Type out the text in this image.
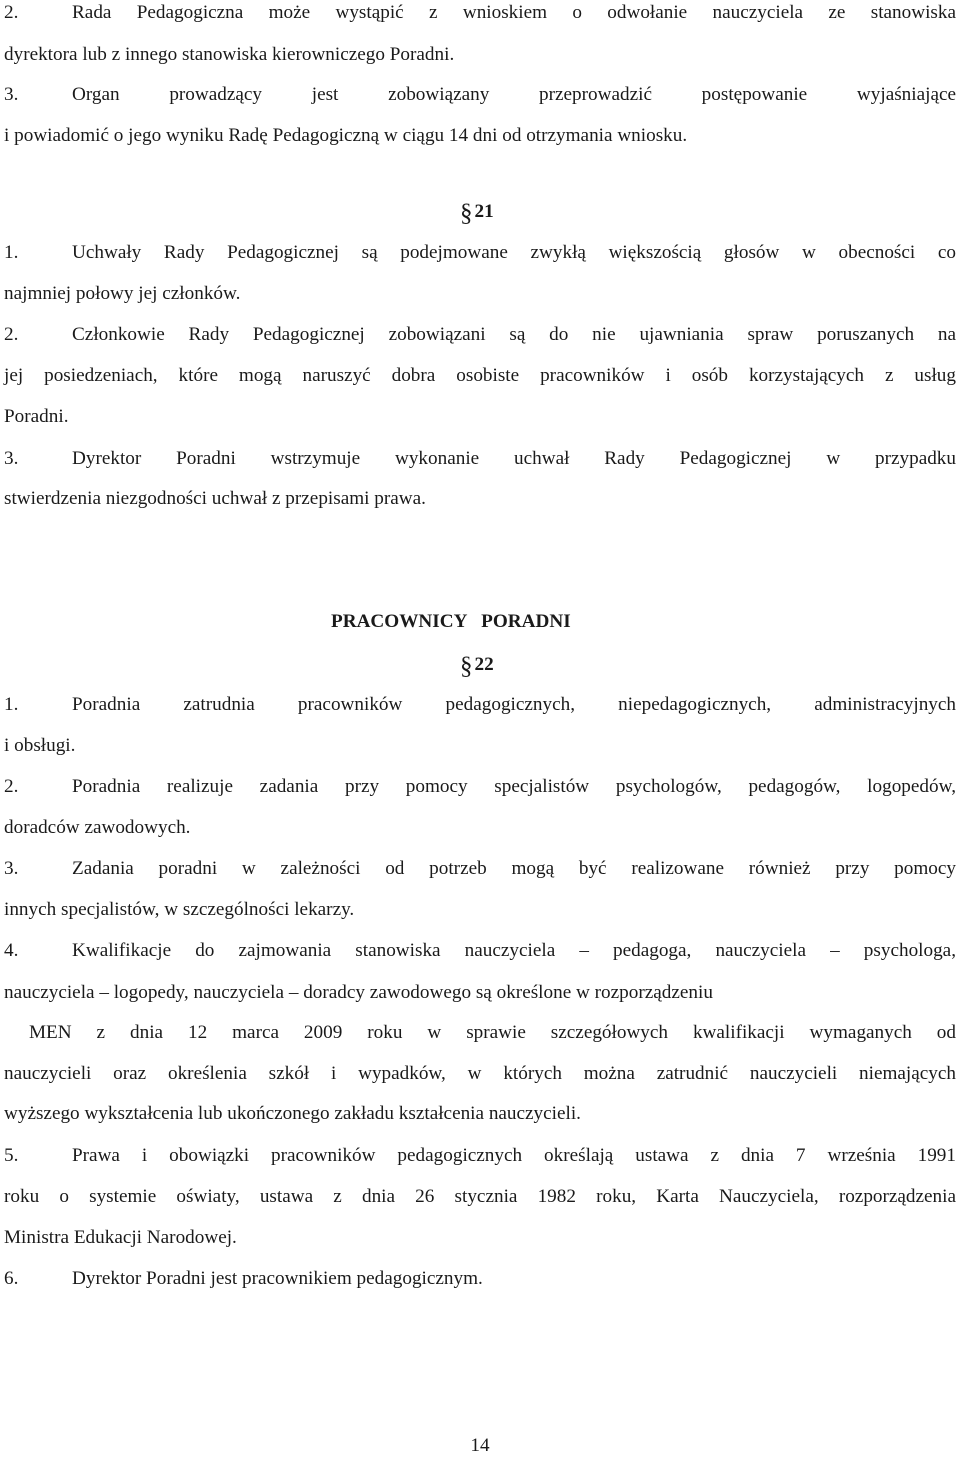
2.	Rada Pedagogiczna może wystąpić z wnioskiem o odwołanie nauczyciela ze stanowiska
dyrektora lub z innego stanowiska kierowniczego Poradni.
3.	Organ prowadzący jest zobowiązany przeprowadzić postępowanie wyjaśniające
i powiadomić o jego wyniku Radę Pedagogiczną w ciągu 14 dni od otrzymania wniosku.
§ 21
1.	Uchwały Rady Pedagogicznej są podejmowane zwykłą większością głosów w obecności co
najmniej połowy jej członków.
2.	Członkowie Rady Pedagogicznej zobowiązani są do nie ujawniania spraw poruszanych na
jej posiedzeniach, które mogą naruszyć dobra osobiste pracowników i osób korzystających z usług
Poradni.
3.	Dyrektor Poradni wstrzymuje wykonanie uchwał Rady Pedagogicznej w przypadku
stwierdzenia niezgodności uchwał z przepisami prawa.
PRACOWNICY   PORADNI
§ 22
1.	Poradnia zatrudnia pracowników pedagogicznych, niepedagogicznych, administracyjnych
i obsługi.
2.	Poradnia realizuje zadania przy pomocy specjalistów psychologów, pedagogów, logopedów,
doradców zawodowych.
3.	Zadania poradni w zależności od potrzeb mogą być realizowane również przy pomocy
innych specjalistów, w szczególności lekarzy.
4.	Kwalifikacje do zajmowania stanowiska nauczyciela – pedagoga, nauczyciela – psychologa,
nauczyciela – logopedy, nauczyciela – doradcy zawodowego są określone w rozporządzeniu
MEN z dnia 12 marca 2009 roku w sprawie szczegółowych kwalifikacji wymaganych od
nauczycieli oraz określenia szkół i wypadków, w których można zatrudnić nauczycieli niemających
wyższego wykształcenia lub ukończonego zakładu kształcenia nauczycieli.
5.	Prawa i obowiązki pracowników pedagogicznych określają ustawa z dnia 7 września 1991
roku o systemie oświaty, ustawa z dnia 26 stycznia 1982 roku, Karta Nauczyciela, rozporządzenia
Ministra Edukacji Narodowej.
6.	Dyrektor Poradni jest pracownikiem pedagogicznym.
14
